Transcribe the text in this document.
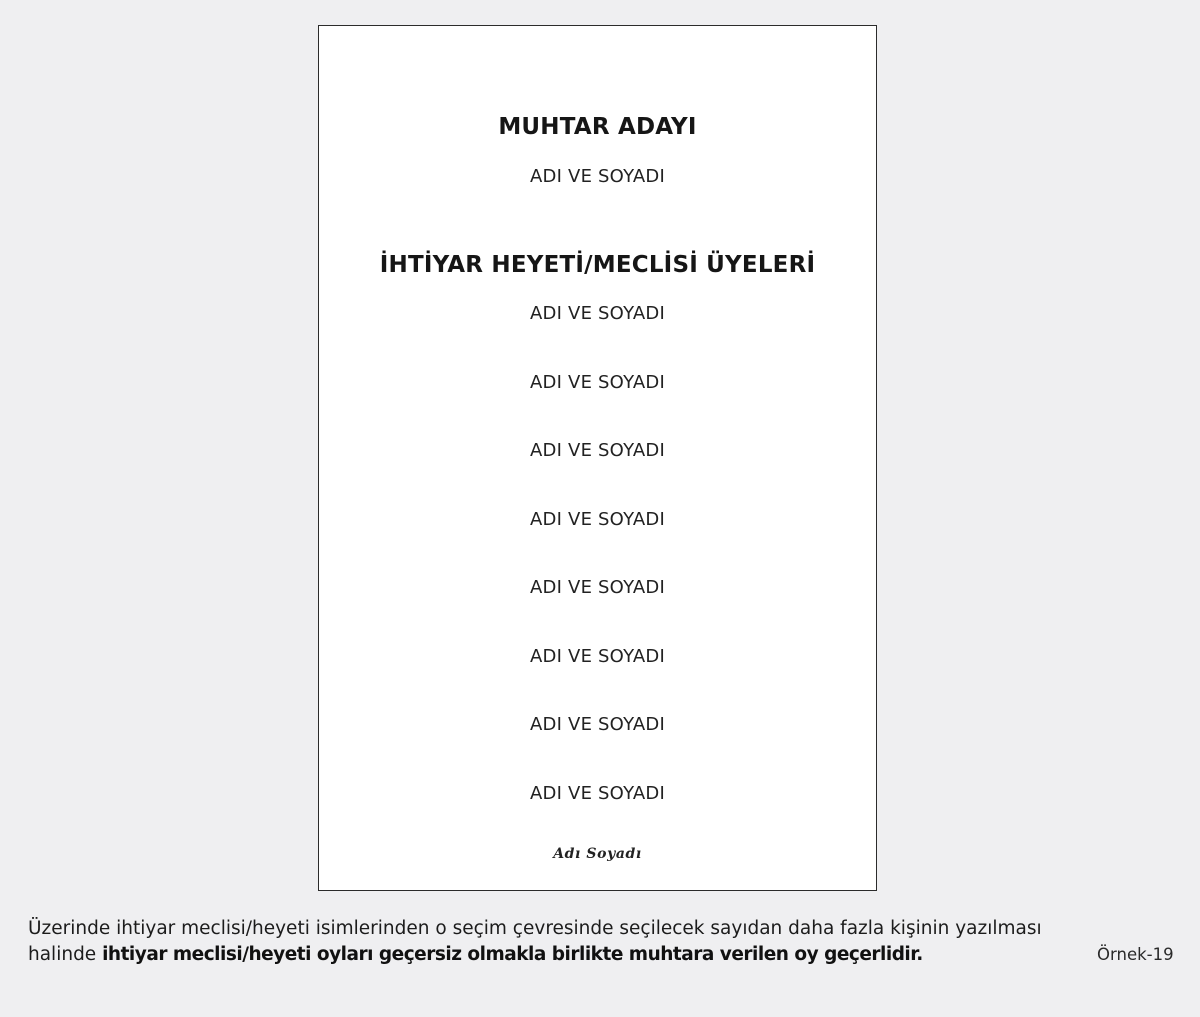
MUHTAR ADAYI
ADI VE SOYADI
İHTİYAR HEYETİ/MECLİSİ ÜYELERİ
ADI VE SOYADI
ADI VE SOYADI
ADI VE SOYADI
ADI VE SOYADI
ADI VE SOYADI
ADI VE SOYADI
ADI VE SOYADI
ADI VE SOYADI
Adı Soyadı
Üzerinde ihtiyar meclisi/heyeti isimlerinden o seçim çevresinde seçilecek sayıdan daha fazla kişinin yazılması
halinde ihtiyar meclisi/heyeti oyları geçersiz olmakla birlikte muhtara verilen oy geçerlidir.	Örnek-19
